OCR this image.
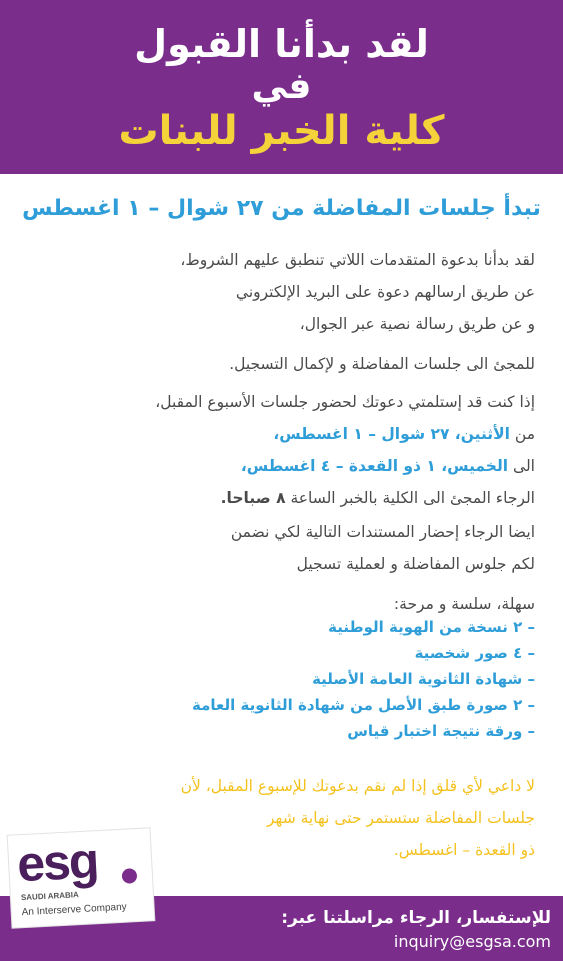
لقد بدأنا القبول
في
كلية الخبر للبنات
تبدأ جلسات المفاضلة من ٢٧ شوال – ١ اغسطس
لقد بدأنا بدعوة المتقدمات اللاتي تنطبق عليهم الشروط،
عن طريق ارسالهم دعوة على البريد الإلكتروني
و عن طريق رسالة نصية عبر الجوال،
للمجئ الى جلسات المفاضلة و لإكمال التسجيل.
إذا كنت قد إستلمتي دعوتك لحضور جلسات الأسبوع المقبل،
من الأثنين، ٢٧ شوال – ١ اغسطس،
الى الخميس، ١ ذو القعدة – ٤ اغسطس،
الرجاء المجئ الى الكلية بالخبر الساعة ٨ صباحا.
ايضا الرجاء إحضار المستندات التالية لكي نضمن
لكم جلوس المفاضلة و لعملية تسجيل
سهلة، سلسة و مرحة:
– ٢ نسخة من الهوية الوطنية
– ٤ صور شخصية
– شهادة الثانوية العامة الأصلية
– ٢ صورة طبق الأصل من شهادة الثانوية العامة
– ورقة نتيجة اختبار قياس
لا داعي لأي قلق إذا لم نقم بدعوتك للإسبوع المقبل، لأن
جلسات المفاضلة ستستمر حتى نهاية شهر
ذو القعدة – اغسطس.
للإستفسار، الرجاء مراسلتنا عبر:
inquiry@esgsa.com
esg
SAUDI ARABIA
An Interserve Company
